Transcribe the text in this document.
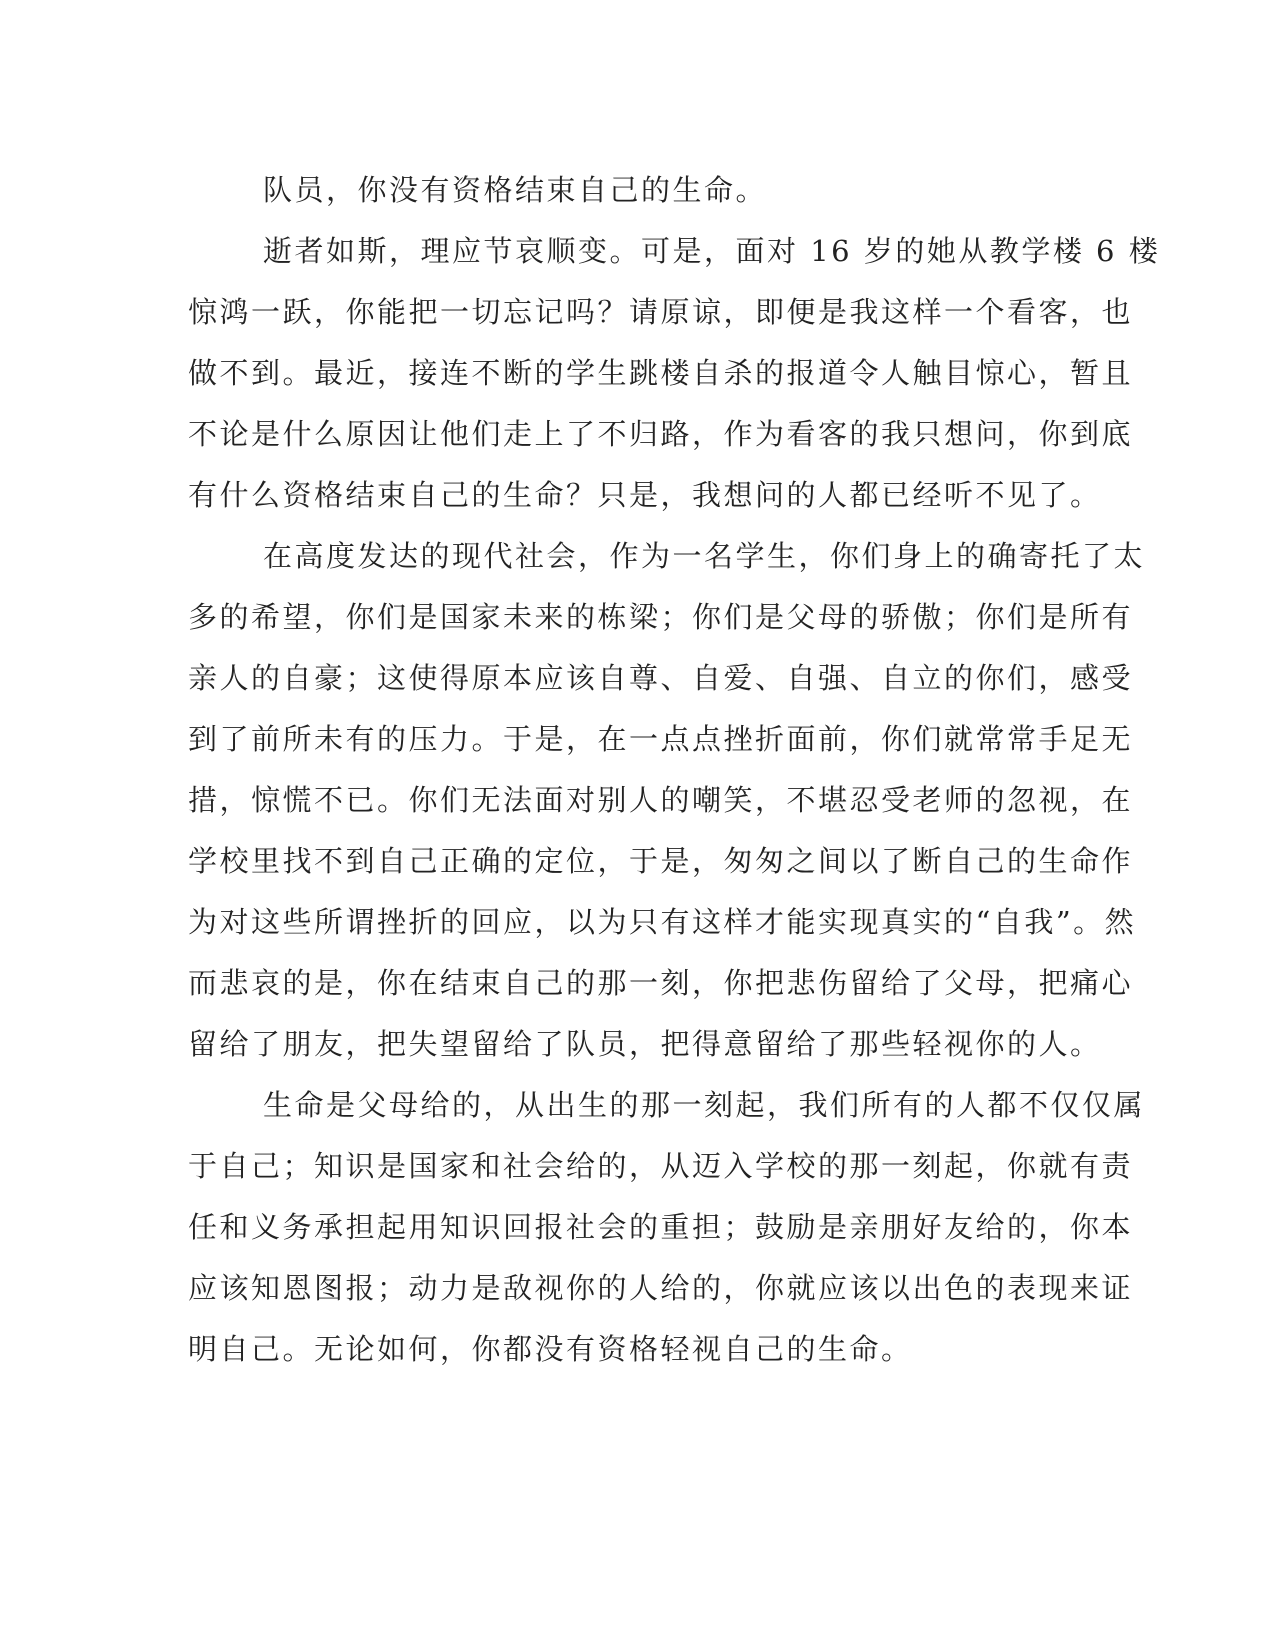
队员，你没有资格结束自己的生命。
逝者如斯，理应节哀顺变。可是，面对 16 岁的她从教学楼 6 楼
惊鸿一跃，你能把一切忘记吗？请原谅，即便是我这样一个看客，也
做不到。最近，接连不断的学生跳楼自杀的报道令人触目惊心，暂且
不论是什么原因让他们走上了不归路，作为看客的我只想问，你到底
有什么资格结束自己的生命？只是，我想问的人都已经听不见了。
在高度发达的现代社会，作为一名学生，你们身上的确寄托了太
多的希望，你们是国家未来的栋梁；你们是父母的骄傲；你们是所有
亲人的自豪；这使得原本应该自尊、自爱、自强、自立的你们，感受
到了前所未有的压力。于是，在一点点挫折面前，你们就常常手足无
措，惊慌不已。你们无法面对别人的嘲笑，不堪忍受老师的忽视，在
学校里找不到自己正确的定位，于是，匆匆之间以了断自己的生命作
为对这些所谓挫折的回应，以为只有这样才能实现真实的“自我”。然
而悲哀的是，你在结束自己的那一刻，你把悲伤留给了父母，把痛心
留给了朋友，把失望留给了队员，把得意留给了那些轻视你的人。
生命是父母给的，从出生的那一刻起，我们所有的人都不仅仅属
于自己；知识是国家和社会给的，从迈入学校的那一刻起，你就有责
任和义务承担起用知识回报社会的重担；鼓励是亲朋好友给的，你本
应该知恩图报；动力是敌视你的人给的，你就应该以出色的表现来证
明自己。无论如何，你都没有资格轻视自己的生命。
